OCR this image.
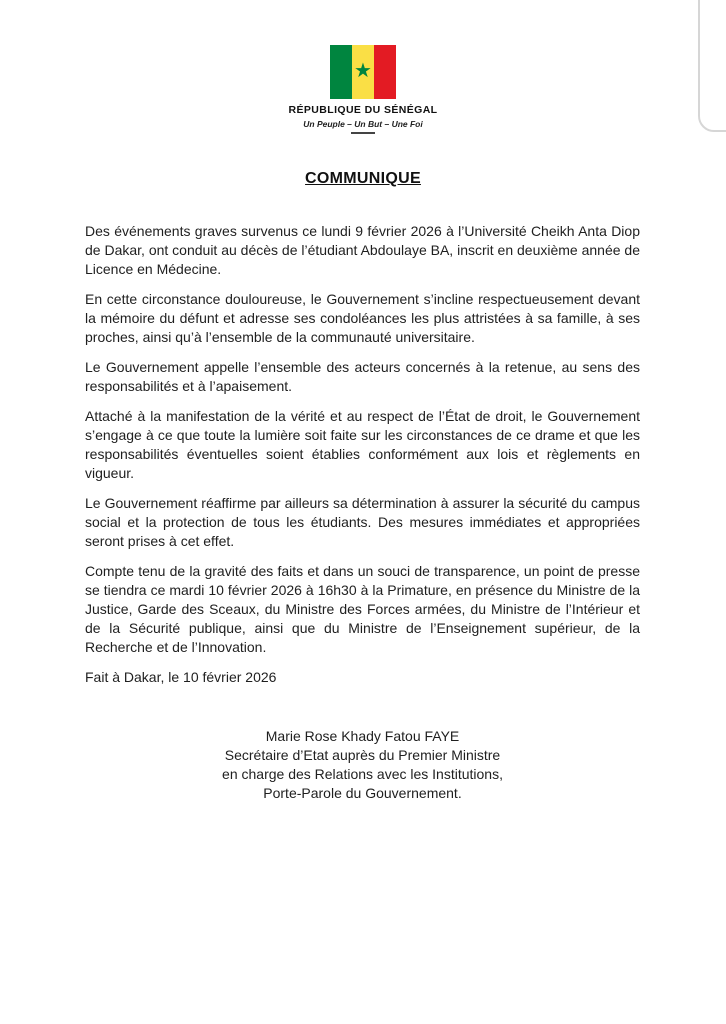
★
RÉPUBLIQUE DU SÉNÉGAL
Un Peuple – Un But – Une Foi
COMMUNIQUE

Des événements graves survenus ce lundi 9 février 2026 à l’Université Cheikh Anta Diop de Dakar, ont conduit au décès de l’étudiant Abdoulaye BA, inscrit en deuxième année de Licence en Médecine.

En cette circonstance douloureuse, le Gouvernement s’incline respectueusement devant la mémoire du défunt et adresse ses condoléances les plus attristées à sa famille, à ses proches, ainsi qu’à l’ensemble de la communauté universitaire.

Le Gouvernement appelle l’ensemble des acteurs concernés à la retenue, au sens des responsabilités et à l’apaisement.

Attaché à la manifestation de la vérité et au respect de l’État de droit, le Gouvernement s’engage à ce que toute la lumière soit faite sur les circonstances de ce drame et que les responsabilités éventuelles soient établies conformément aux lois et règlements en vigueur.

Le Gouvernement réaffirme par ailleurs sa détermination à assurer la sécurité du campus social et la protection de tous les étudiants. Des mesures immédiates et appropriées seront prises à cet effet.

Compte tenu de la gravité des faits et dans un souci de transparence, un point de presse se tiendra ce mardi 10 février 2026 à 16h30 à la Primature, en présence du Ministre de la Justice, Garde des Sceaux, du Ministre des Forces armées, du Ministre de l’Intérieur et de la Sécurité publique, ainsi que du Ministre de l’Enseignement supérieur, de la Recherche et de l’Innovation.

Fait à Dakar, le 10 février 2026

Marie Rose Khady Fatou FAYE
Secrétaire d’Etat auprès du Premier Ministre
en charge des Relations avec les Institutions,
Porte-Parole du Gouvernement.
